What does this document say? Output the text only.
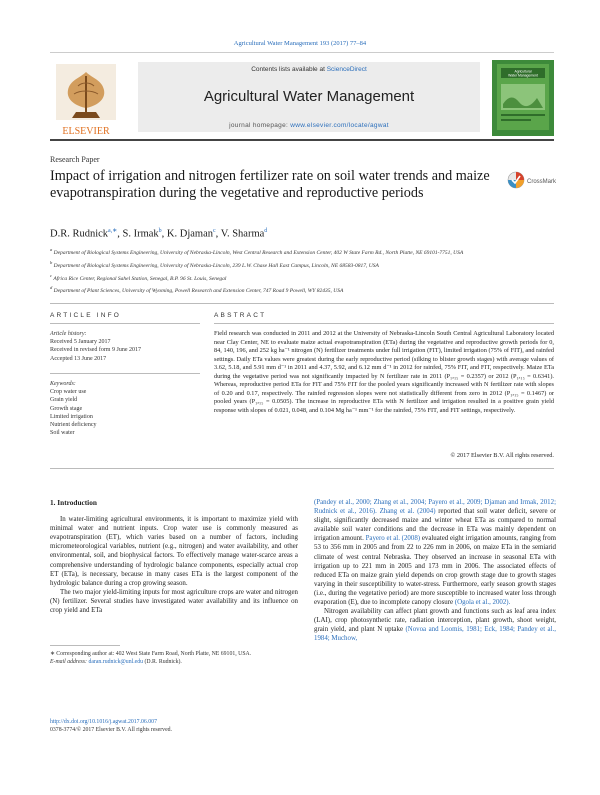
Agricultural Water Management 193 (2017) 77–84
ELSEVIER
Contents lists available at ScienceDirect
Agricultural Water Management
journal homepage: www.elsevier.com/locate/agwat
Agricultural
Water Management
Research Paper
Impact of irrigation and nitrogen fertilizer rate on soil water trends and maize evapotranspiration during the vegetative and reproductive periods
CrossMark
D.R. Rudnick$^{a,∗}$, S. Irmak$^b$, K. Djaman$^c$, V. Sharma$^d$
$^a$ Department of Biological Systems Engineering, University of Nebraska-Lincoln, West Central Research and Extension Center, 402 W State Farm Rd., North Platte, NE 69101-7751, USA
$^b$ Department of Biological Systems Engineering, University of Nebraska-Lincoln, 239 L.W. Chase Hall East Campus, Lincoln, NE 68583-0817, USA
$^c$ Africa Rice Center, Regional Sahel Station, Senegal, B.P. 96 St. Louis, Senegal
$^d$ Department of Plant Sciences, University of Wyoming, Powell Research and Extension Center, 747 Road 9 Powell, WY 82435, USA
ARTICLE INFO	ABSTRACT
Article history:
Received 5 January 2017
Received in revised form 9 June 2017
Accepted 13 June 2017
Keywords:
Crop water use
Grain yield
Growth stage
Limited irrigation
Nutrient deficiency
Soil water
Field research was conducted in 2011 and 2012 at the University of Nebraska-Lincoln South Central Agricultural Laboratory located near Clay Center, NE to evaluate maize actual evapotranspiration (ETa) during the vegetative and reproductive growth periods for 0, 84, 140, 196, and 252 kg ha⁻¹ nitrogen (N) fertilizer treatments under full irrigation (FIT), limited irrigation (75% of FIT), and rainfed settings. Daily ETa values were greatest during the early reproductive period (silking to blister growth stages) with average values of 3.62, 5.18, and 5.91 mm d⁻¹ in 2011 and 4.37, 5.92, and 6.12 mm d⁻¹ in 2012 for rainfed, 75% FIT, and FIT, respectively. Maize ETa during the vegetative period was not significantly impacted by N fertilizer rate in 2011 (P₁ₐ₁₅ = 0.2357) or 2012 (P₁ₐ₁₅ = 0.6341). Whereas, reproductive period ETa for FIT and 75% FIT for the pooled years significantly increased with N fertilizer rate with slopes of 0.20 and 0.17, respectively. The rainfed regression slopes were not statistically different from zero in 2012 (P₁ₐ₁₅ = 0.1467) or pooled years (P₁ₐ₁₅ = 0.0505). The increase in reproductive ETa with N fertilizer and irrigation resulted in a positive grain yield response with slopes of 0.021, 0.048, and 0.104 Mg ha⁻¹ mm⁻¹ for the rainfed, 75% FIT, and FIT settings, respectively.
© 2017 Elsevier B.V. All rights reserved.
1. Introduction

In water-limiting agricultural environments, it is important to maximize yield with minimal water and nutrient inputs. Crop water use is commonly measured as evapotranspiration (ET), which varies based on a number of factors, including micrometeorological variables, nutrient (e.g., nitrogen) and water availability, and other environmental, soil, and biophysical factors. To effectively manage water-scarce areas a comprehensive understanding of hydrologic balance components, especially actual crop ET (ETa), is necessary, because in many cases ETa is the largest component of the hydrologic balance during a crop growing season.

The two major yield-limiting inputs for most agriculture crops are water and nitrogen (N) fertilizer. Several studies have investigated water availability and its influence on crop yield and ETa

(Pandey et al., 2000; Zhang et al., 2004; Payero et al., 2009; Djaman and Irmak, 2012; Rudnick et al., 2016). Zhang et al. (2004) reported that soil water deficit, severe or slight, significantly decreased maize and winter wheat ETa as compared to normal available soil water conditions and the decrease in ETa was mainly dependent on irrigation amount. Payero et al. (2008) evaluated eight irrigation amounts, ranging from 53 to 356 mm in 2005 and from 22 to 226 mm in 2006, on maize ETa in the semiarid climate of west central Nebraska. They observed an increase in seasonal ETa with irrigation up to 221 mm in 2005 and 173 mm in 2006. The associated effects of reduced ETa on maize grain yield depends on crop growth stage due to growth stages varying in their susceptibility to water-stress. Furthermore, early season growth stages (i.e., during the vegetative period) are more susceptible to increased water loss through evaporation (E), due to incomplete canopy closure (Ogola et al., 2002).

Nitrogen availability can affect plant growth and functions such as leaf area index (LAI), crop photosynthetic rate, radiation interception, plant growth, shoot weight, grain yield, and plant N uptake (Novoa and Loomis, 1981; Eck, 1984; Pandey et al., 1984; Muchow,

∗ Corresponding author at: 402 West State Farm Road, North Platte, NE 69101, USA.
E-mail address: daran.rudnick@unl.edu (D.R. Rudnick).
http://dx.doi.org/10.1016/j.agwat.2017.06.007
0378-3774/© 2017 Elsevier B.V. All rights reserved.
